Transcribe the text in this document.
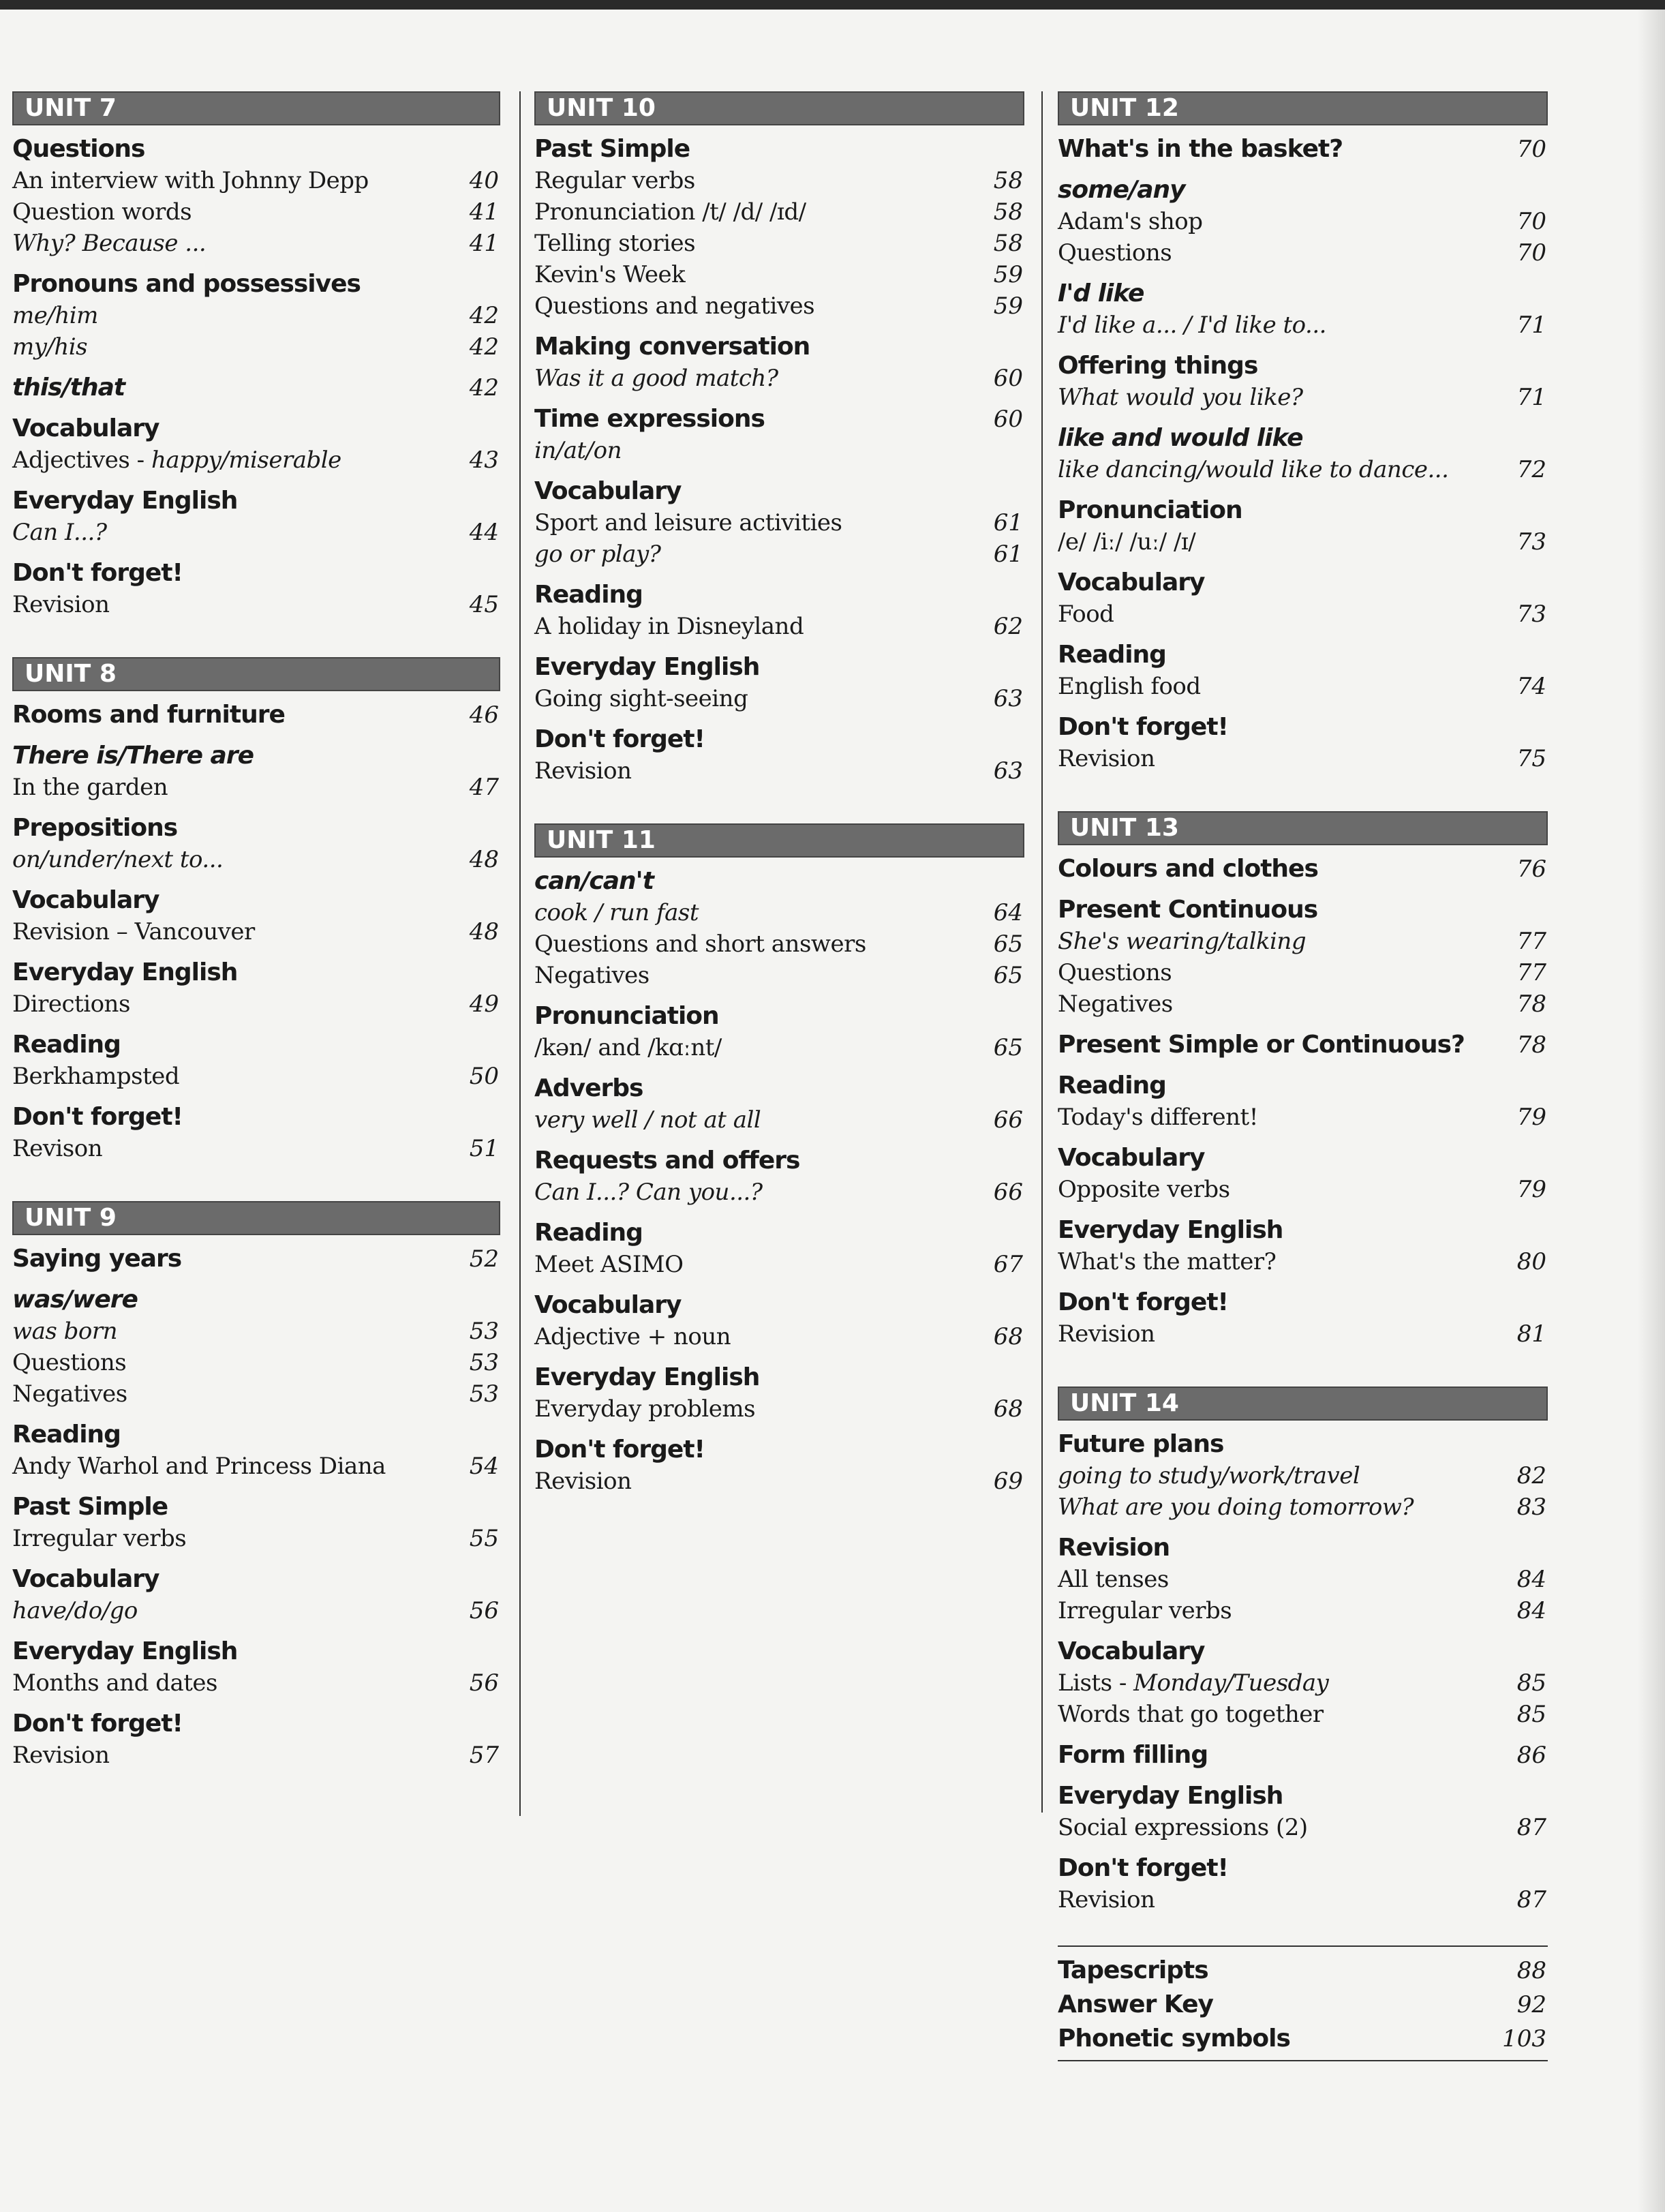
UNIT 7
Questions
An interview with Johnny Depp	40
Question words	41
Why? Because ...	41
Pronouns and possessives
me/him	42
my/his	42
this/that	42
Vocabulary
Adjectives - happy/miserable	43
Everyday English
Can I...?	44
Don't forget!
Revision	45
UNIT 8
Rooms and furniture	46
There is/There are
In the garden	47
Prepositions
on/under/next to...	48
Vocabulary
Revision – Vancouver	48
Everyday English
Directions	49
Reading
Berkhampsted	50
Don't forget!
Revison	51
UNIT 9
Saying years	52
was/were
was born	53
Questions	53
Negatives	53
Reading
Andy Warhol and Princess Diana	54
Past Simple
Irregular verbs	55
Vocabulary
have/do/go	56
Everyday English
Months and dates	56
Don't forget!
Revision	57
UNIT 10
Past Simple
Regular verbs	58
Pronunciation /t/ /d/ /ɪd/	58
Telling stories	58
Kevin's Week	59
Questions and negatives	59
Making conversation
Was it a good match?	60
Time expressions	60
in/at/on
Vocabulary
Sport and leisure activities	61
go or play?	61
Reading
A holiday in Disneyland	62
Everyday English
Going sight-seeing	63
Don't forget!
Revision	63
UNIT 11
can/can't
cook / run fast	64
Questions and short answers	65
Negatives	65
Pronunciation
/kən/ and /kɑːnt/	65
Adverbs
very well / not at all	66
Requests and offers
Can I...? Can you...?	66
Reading
Meet ASIMO	67
Vocabulary
Adjective + noun	68
Everyday English
Everyday problems	68
Don't forget!
Revision	69
UNIT 12
What's in the basket?	70
some/any
Adam's shop	70
Questions	70
I'd like
I'd like a... / I'd like to...	71
Offering things
What would you like?	71
like and would like
like dancing/would like to dance...	72
Pronunciation
/e/ /iː/ /uː/ /ɪ/	73
Vocabulary
Food	73
Reading
English food	74
Don't forget!
Revision	75
UNIT 13
Colours and clothes	76
Present Continuous
She's wearing/talking	77
Questions	77
Negatives	78
Present Simple or Continuous? 78
Reading
Today's different!	79
Vocabulary
Opposite verbs	79
Everyday English
What's the matter?	80
Don't forget!
Revision	81
UNIT 14
Future plans
going to study/work/travel	82
What are you doing tomorrow?	83
Revision
All tenses	84
Irregular verbs	84
Vocabulary
Lists - Monday/Tuesday	85
Words that go together	85
Form filling	86
Everyday English
Social expressions (2)	87
Don't forget!
Revision	87
Tapescripts	88
Answer Key	92
Phonetic symbols	103
